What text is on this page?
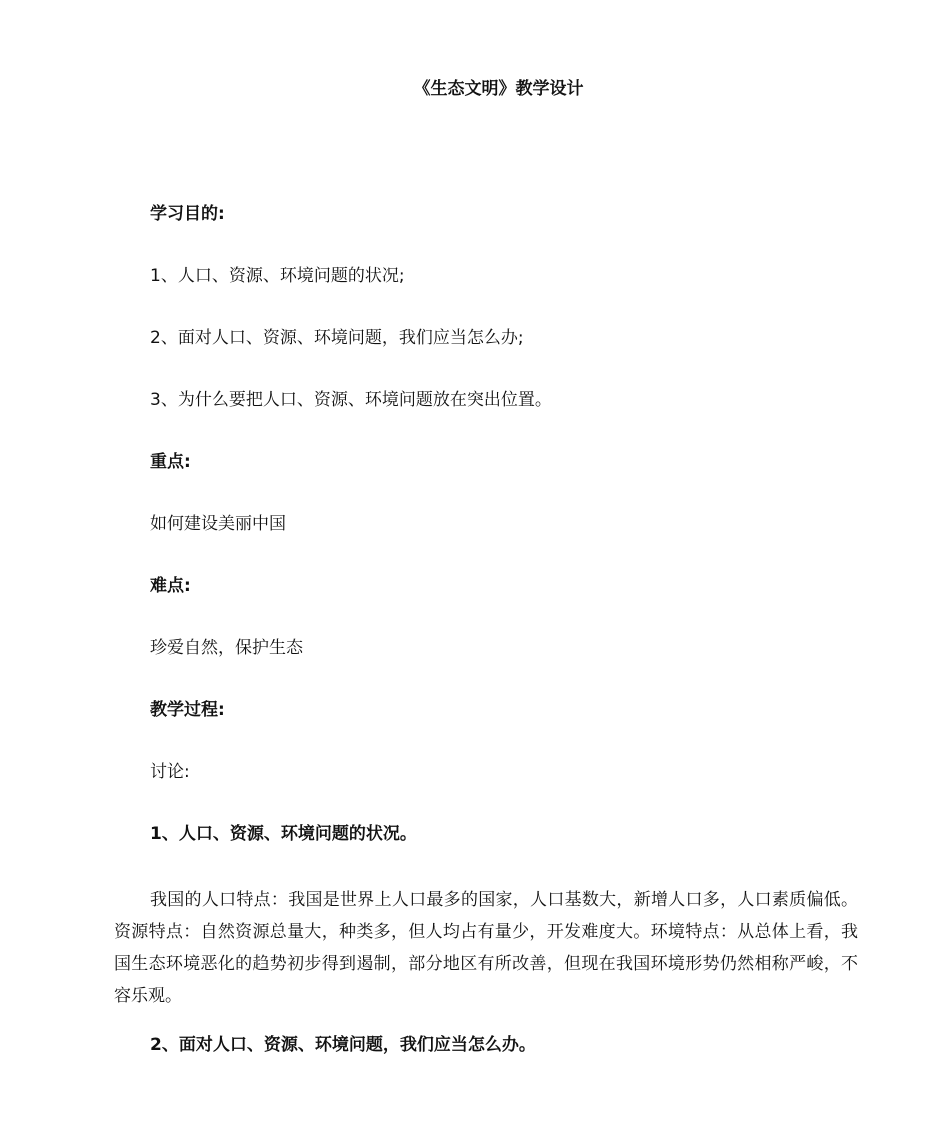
《生态文明》教学设计
学习目的:
1、人口、资源、环境问题的状况;
2、面对人口、资源、环境问题，我们应当怎么办;
3、为什么要把人口、资源、环境问题放在突出位置。
重点:
如何建设美丽中国
难点:
珍爱自然，保护生态
教学过程:
讨论:
1、人口、资源、环境问题的状况。
我国的人口特点：我国是世界上人口最多的国家，人口基数大，新增人口多，人口素质偏低。资源特点：自然资源总量大，种类多，但人均占有量少，开发难度大。环境特点：从总体上看，我国生态环境恶化的趋势初步得到遏制，部分地区有所改善，但现在我国环境形势仍然相称严峻，不容乐观。
2、面对人口、资源、环境问题，我们应当怎么办。
